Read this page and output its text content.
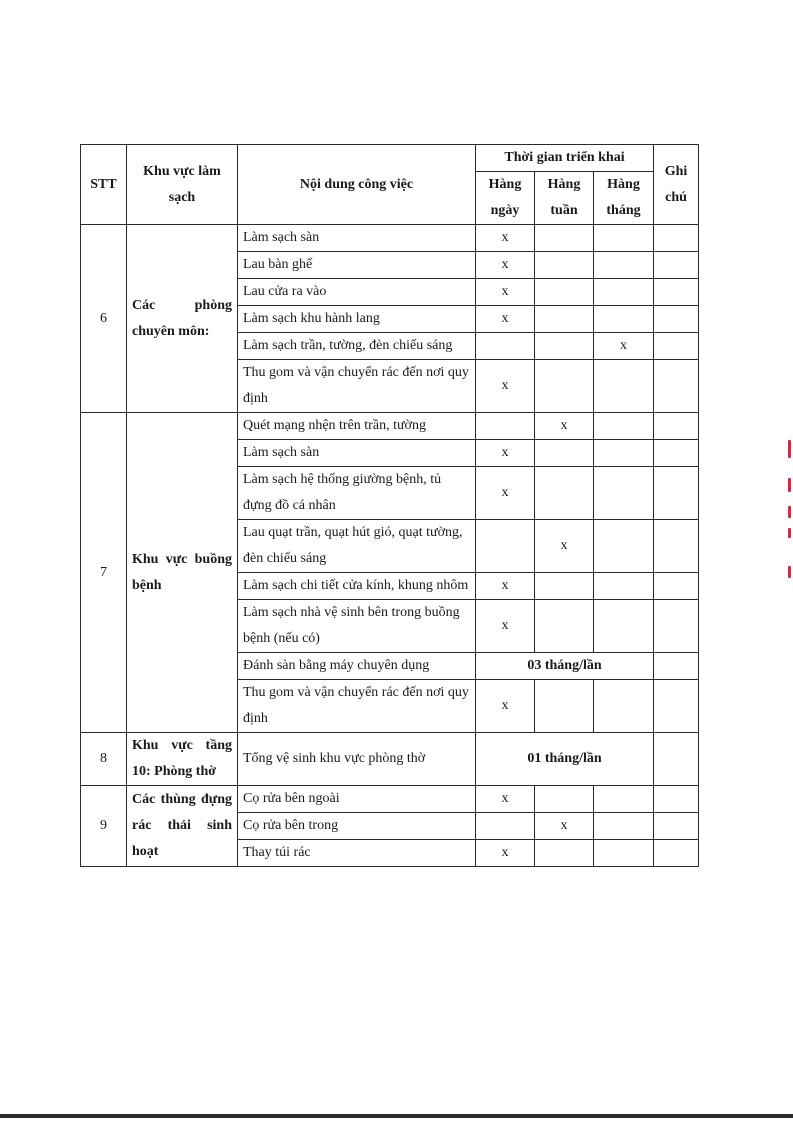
STT	Khu vực làm sạch	Nội dung công việc	Thời gian triển khai			Ghi chú
			Hàng ngày	Hàng tuần	Hàng tháng	
6	Các phòng chuyên môn:	Làm sạch sàn	x			
		Lau bàn ghế	x			
		Lau cửa ra vào	x			
		Làm sạch khu hành lang	x			
		Làm sạch trần, tường, đèn chiếu sáng			x	
		Thu gom và vận chuyển rác đến nơi quy định	x			
7	Khu vực buồng bệnh	Quét mạng nhện trên trần, tường		x		
		Làm sạch sàn	x			
		Làm sạch hệ thống giường bệnh, tủ đựng đồ cá nhân	x			
		Lau quạt trần, quạt hút gió, quạt tường, đèn chiếu sáng		x		
		Làm sạch chi tiết cửa kính, khung nhôm	x			
		Làm sạch nhà vệ sinh bên trong buồng bệnh (nếu có)	x			
		Đánh sàn bằng máy chuyên dụng	03 tháng/lần			
		Thu gom và vận chuyển rác đến nơi quy định	x			
8	Khu vực tầng 10: Phòng thờ	Tổng vệ sinh khu vực phòng thờ	01 tháng/lần			
9	Các thùng đựng rác thải sinh hoạt	Cọ rửa bên ngoài	x			
		Cọ rửa bên trong		x		
		Thay túi rác	x			
